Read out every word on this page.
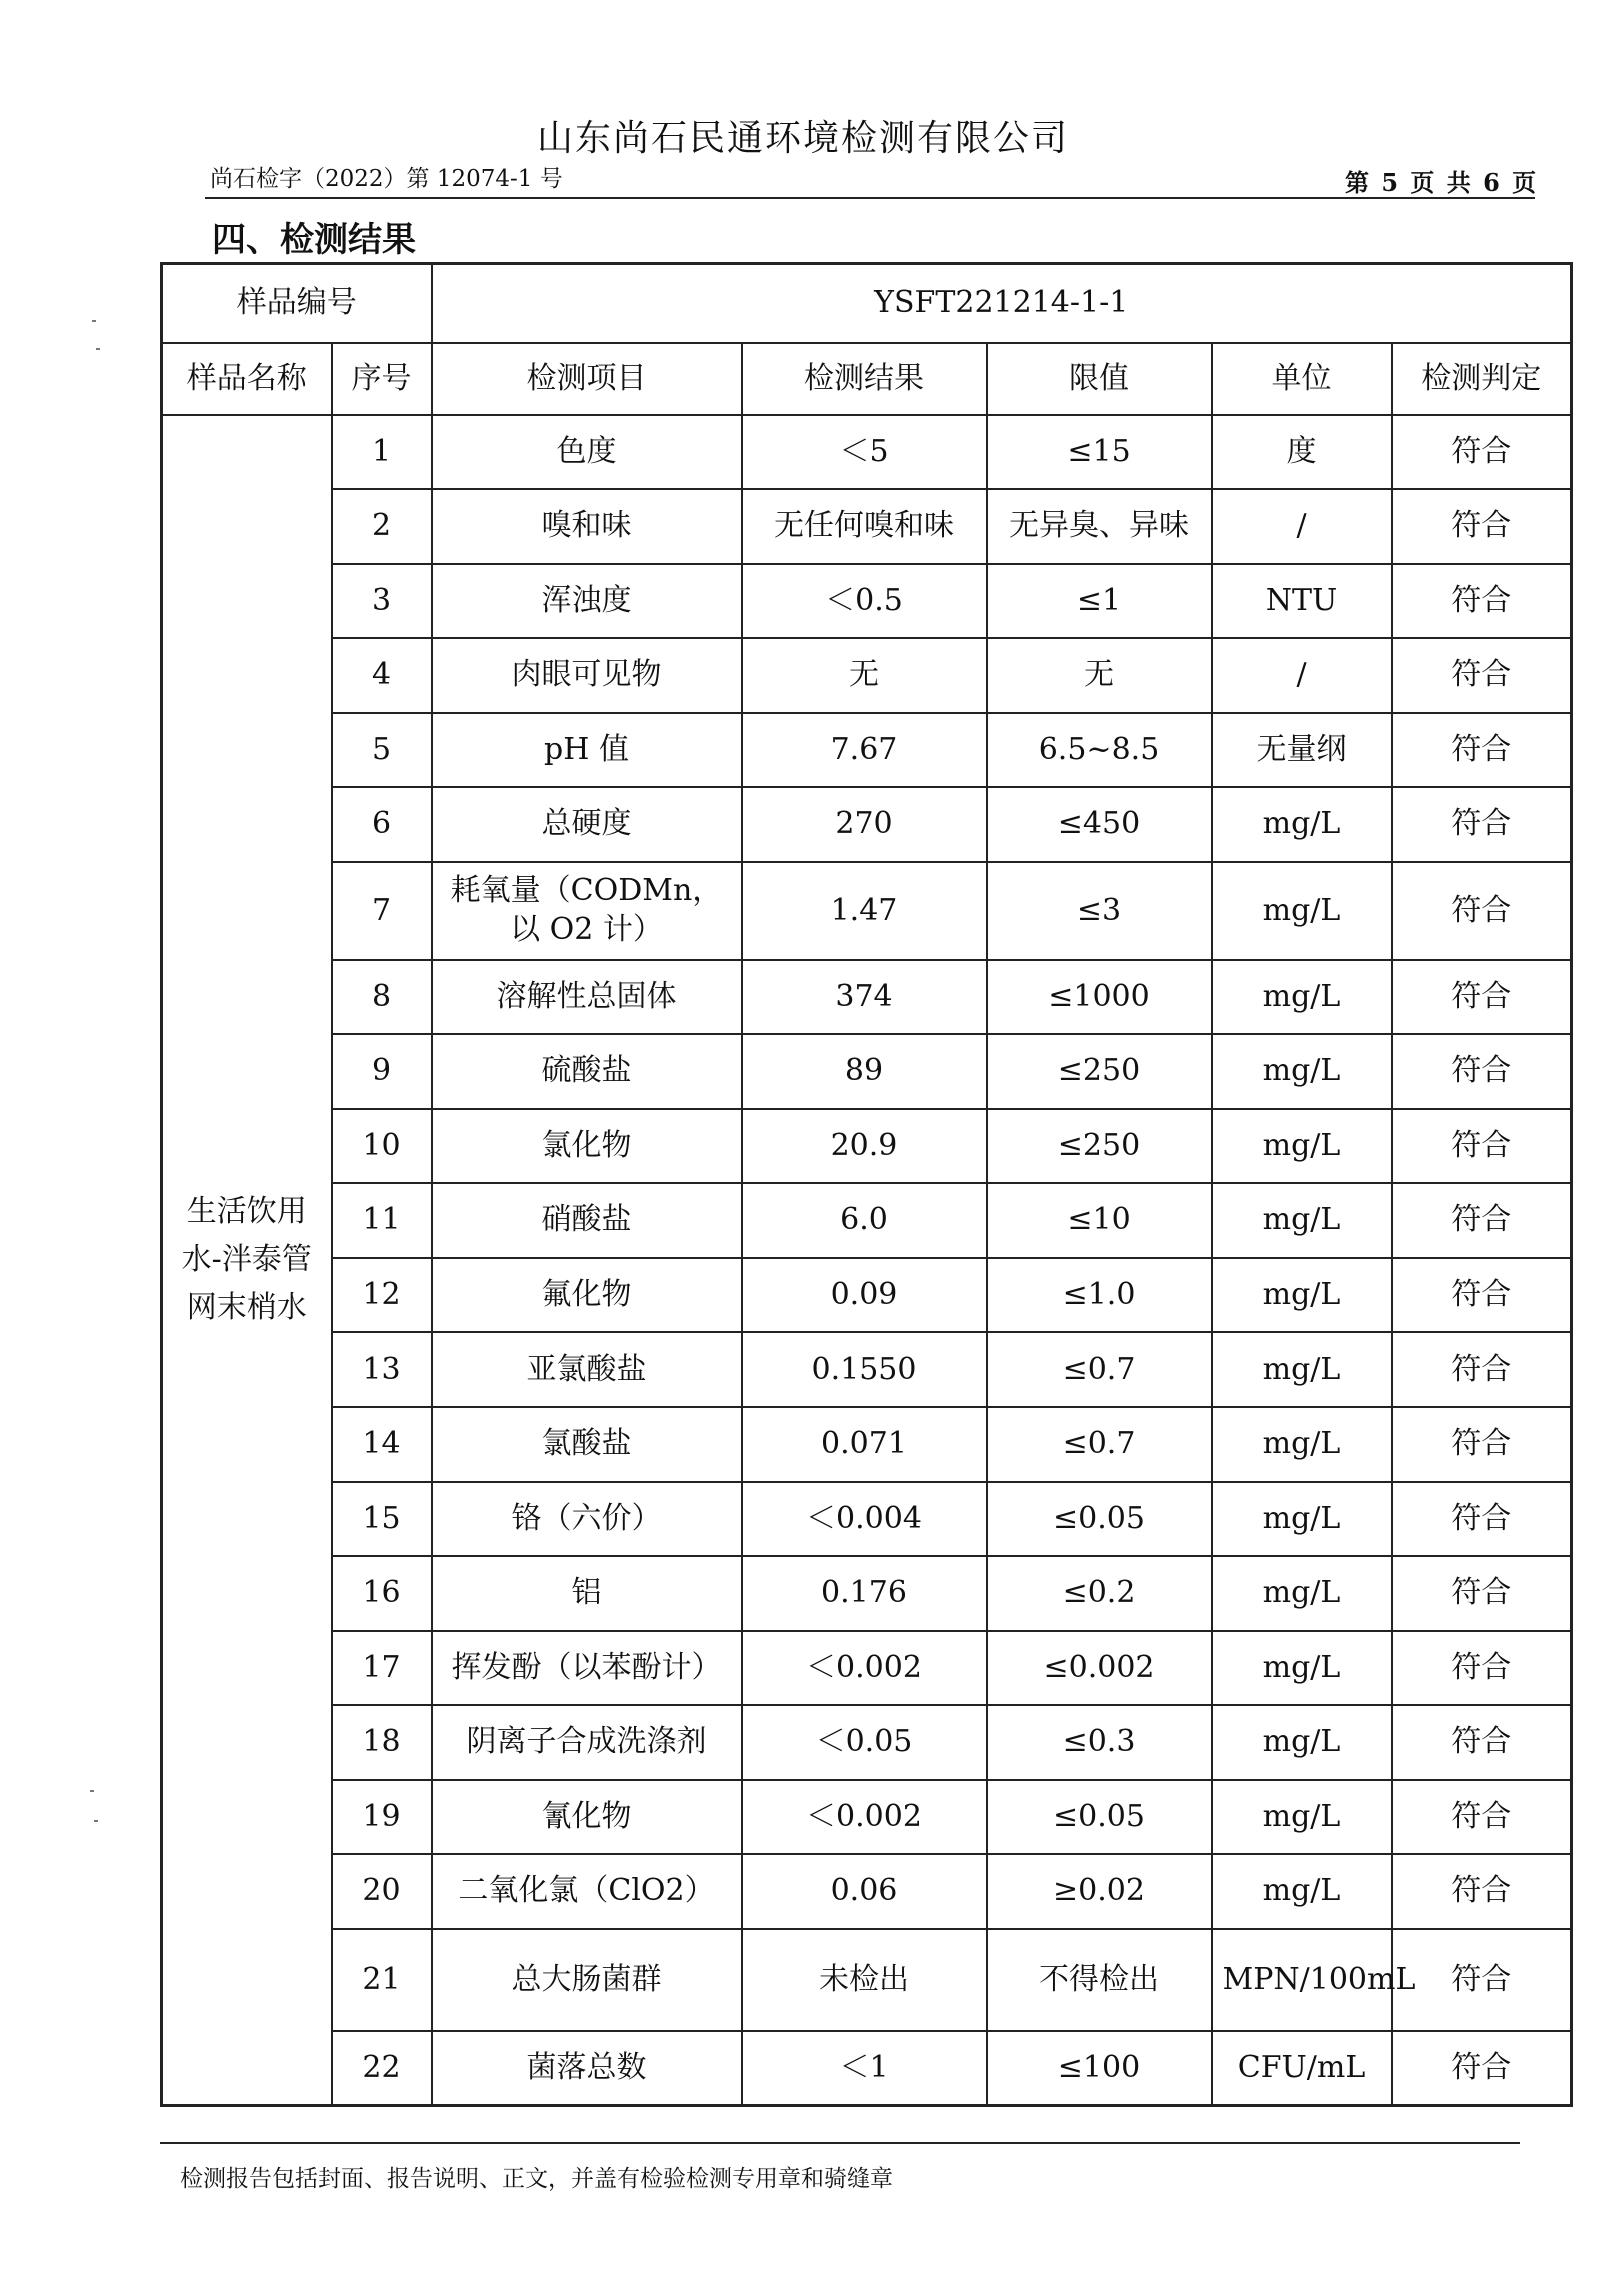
山东尚石民通环境检测有限公司
尚石检字（2022）第 12074-1 号	第 5 页 共 6 页
四、检测结果
样品编号		YSFT221214-1-1				
样品名称	序号	检测项目	检测结果	限值	单位	检测判定
生活饮用水-泮泰管网末梢水	1	色度	＜5	≤15	度	符合
	2	嗅和味	无任何嗅和味	无异臭、异味	/	符合
	3	浑浊度	＜0.5	≤1	NTU	符合
	4	肉眼可见物	无	无	/	符合
	5	pH 值	7.67	6.5~8.5	无量纲	符合
	6	总硬度	270	≤450	mg/L	符合
	7	耗氧量（CODMn，以 O2 计）	1.47	≤3	mg/L	符合
	8	溶解性总固体	374	≤1000	mg/L	符合
	9	硫酸盐	89	≤250	mg/L	符合
	10	氯化物	20.9	≤250	mg/L	符合
	11	硝酸盐	6.0	≤10	mg/L	符合
	12	氟化物	0.09	≤1.0	mg/L	符合
	13	亚氯酸盐	0.1550	≤0.7	mg/L	符合
	14	氯酸盐	0.071	≤0.7	mg/L	符合
	15	铬（六价）	＜0.004	≤0.05	mg/L	符合
	16	铝	0.176	≤0.2	mg/L	符合
	17	挥发酚（以苯酚计）	＜0.002	≤0.002	mg/L	符合
	18	阴离子合成洗涤剂	＜0.05	≤0.3	mg/L	符合
	19	氰化物	＜0.002	≤0.05	mg/L	符合
	20	二氧化氯（ClO2）	0.06	≥0.02	mg/L	符合
	21	总大肠菌群	未检出	不得检出	MPN/100mL	符合
	22	菌落总数	＜1	≤100	CFU/mL	符合
检测报告包括封面、报告说明、正文，并盖有检验检测专用章和骑缝章
